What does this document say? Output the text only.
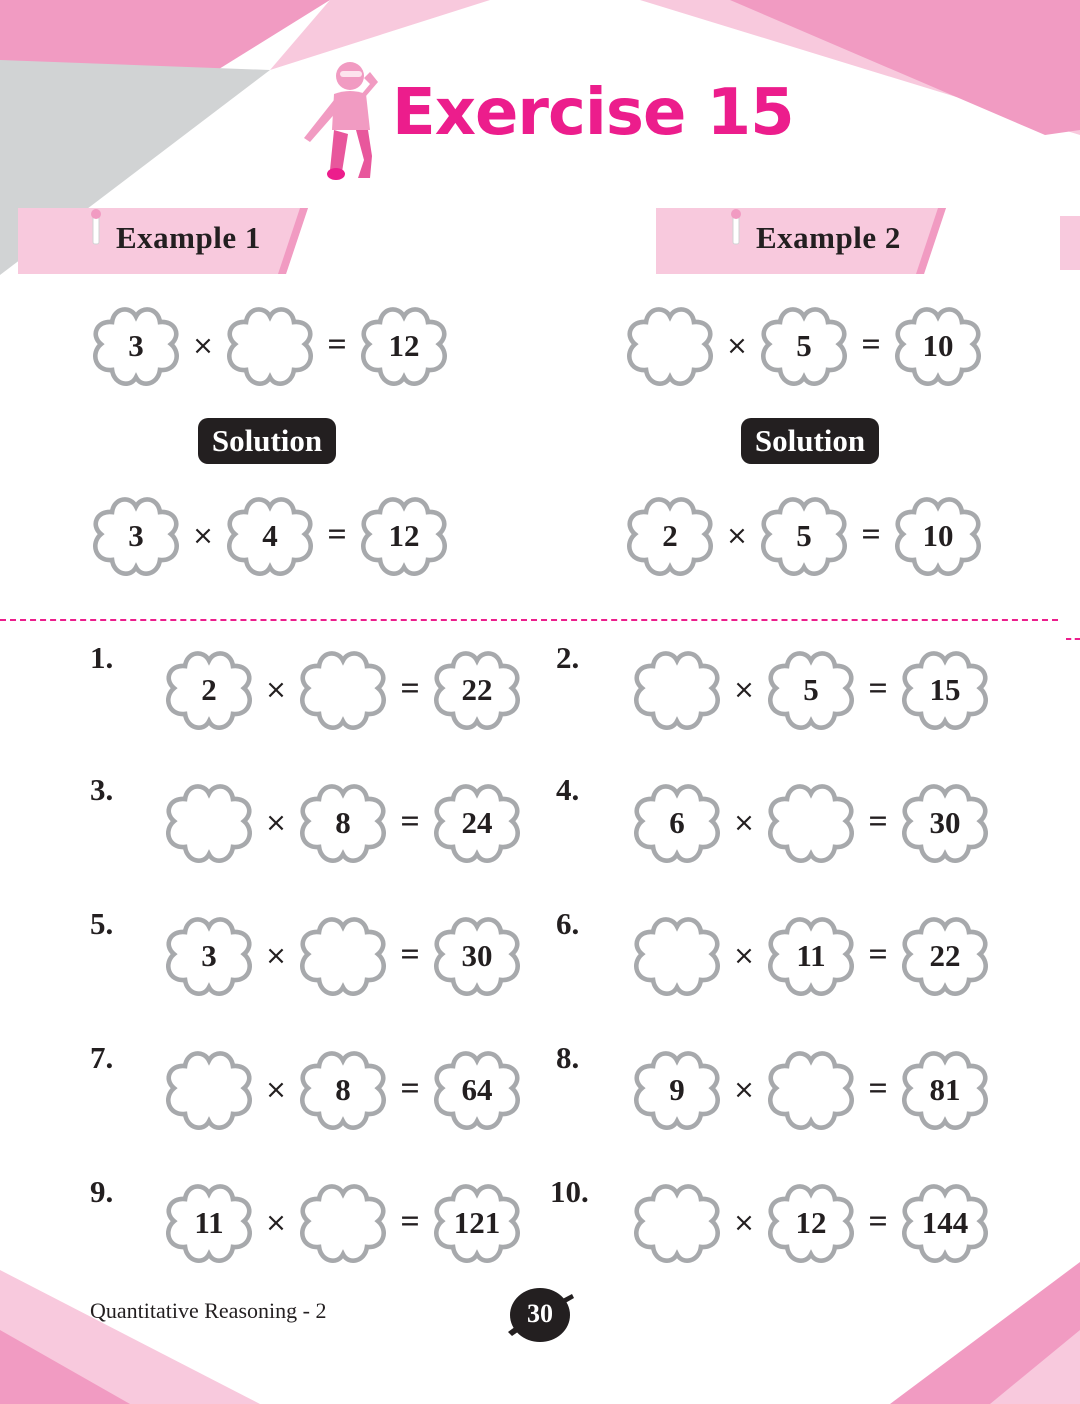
Exercise 15
Example 1	Example 2
3	×	=	12
3	×	4	=	12
×	5	=	10
2	×	5	=	10
1.
2	×	=	22
2.
×	5	=	15
3.
×	8	=	24
4.
6	×	=	30
5.
3	×	=	30
6.
×	11	=	22
7.
×	8	=	64
8.
9	×	=	81
9.
11	×	=	121
10.
×	12	=	144
Solution	Solution
Quantitative Reasoning - 2	30
